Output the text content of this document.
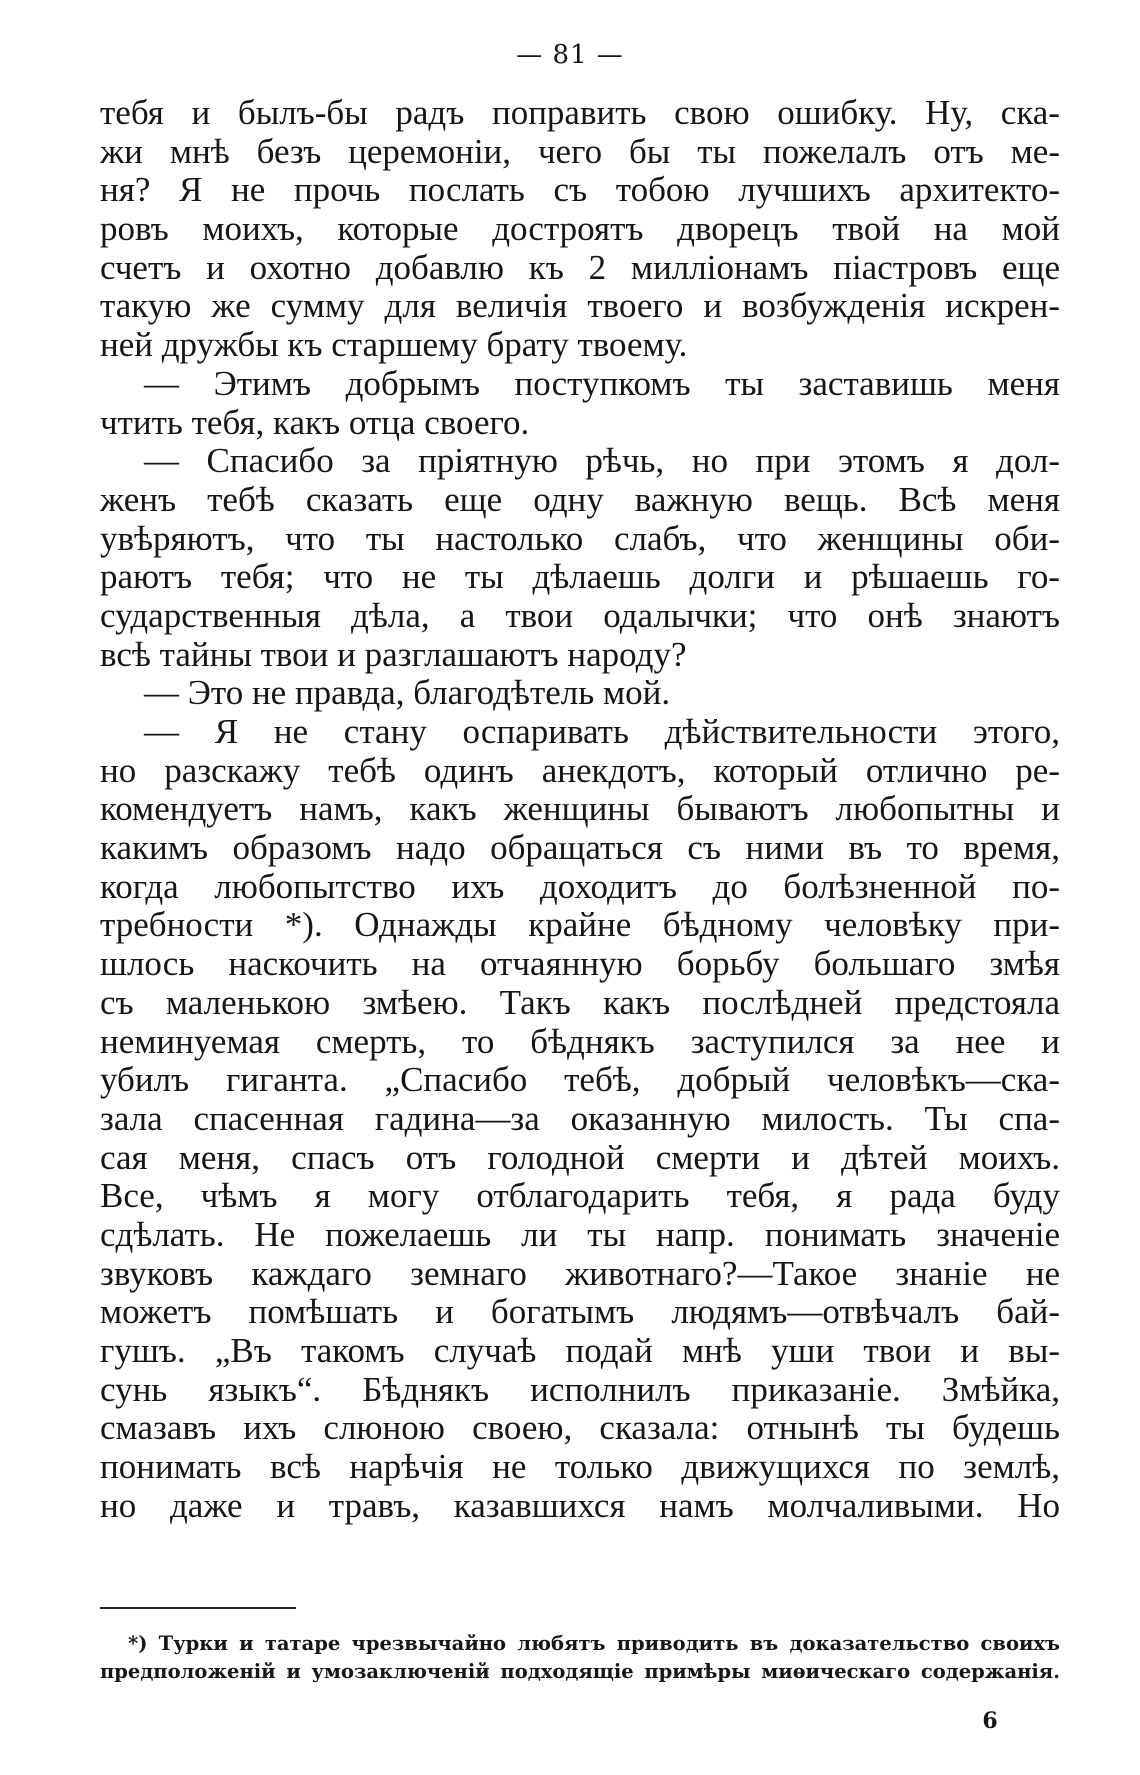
— 81 —
тебя и былъ-бы радъ поправить свою ошибку. Ну, ска-
жи мнѣ безъ церемоніи, чего бы ты пожелалъ отъ ме-
ня? Я не прочь послать съ тобою лучшихъ архитекто-
ровъ моихъ, которые достроятъ дворецъ твой на мой
счетъ и охотно добавлю къ 2 милліонамъ піастровъ еще
такую же сумму для величія твоего и возбужденія искрен-
ней дружбы къ старшему брату твоему.
— Этимъ добрымъ поступкомъ ты заставишь меня
чтить тебя, какъ отца своего.
— Спасибо за пріятную рѣчь, но при этомъ я дол-
женъ тебѣ сказать еще одну важную вещь. Всѣ меня
увѣряютъ, что ты настолько слабъ, что женщины оби-
раютъ тебя; что не ты дѣлаешь долги и рѣшаешь го-
сударственныя дѣла, а твои одалычки; что онѣ знаютъ
всѣ тайны твои и разглашаютъ народу?
— Это не правда, благодѣтель мой.
— Я не стану оспаривать дѣйствительности этого,
но разскажу тебѣ одинъ анекдотъ, который отлично ре-
комендуетъ намъ, какъ женщины бываютъ любопытны и
какимъ образомъ надо обращаться съ ними въ то время,
когда любопытство ихъ доходитъ до болѣзненной по-
требности *). Однажды крайне бѣдному человѣку при-
шлось наскочить на отчаянную борьбу большаго змѣя
съ маленькою змѣею. Такъ какъ послѣдней предстояла
неминуемая смерть, то бѣднякъ заступился за нее и
убилъ гиганта. „Спасибо тебѣ, добрый человѣкъ—ска-
зала спасенная гадина—за оказанную милость. Ты спа-
сая меня, спасъ отъ голодной смерти и дѣтей моихъ.
Все, чѣмъ я могу отблагодарить тебя, я рада буду
сдѣлать. Не пожелаешь ли ты напр. понимать значеніе
звуковъ каждаго земнаго животнаго?—Такое знаніе не
можетъ помѣшать и богатымъ людямъ—отвѣчалъ бай-
гушъ. „Въ такомъ случаѣ подай мнѣ уши твои и вы-
сунь языкъ“. Бѣднякъ исполнилъ приказаніе. Змѣйка,
смазавъ ихъ слюною своею, сказала: отнынѣ ты будешь
понимать всѣ нарѣчія не только движущихся по землѣ,
но даже и травъ, казавшихся намъ молчаливыми. Но
*) Турки и татаре чрезвычайно любятъ приводить въ доказательство своихъ
предположеній и умозаключеній подходящіе примѣры миѳическаго содержанія.
6
